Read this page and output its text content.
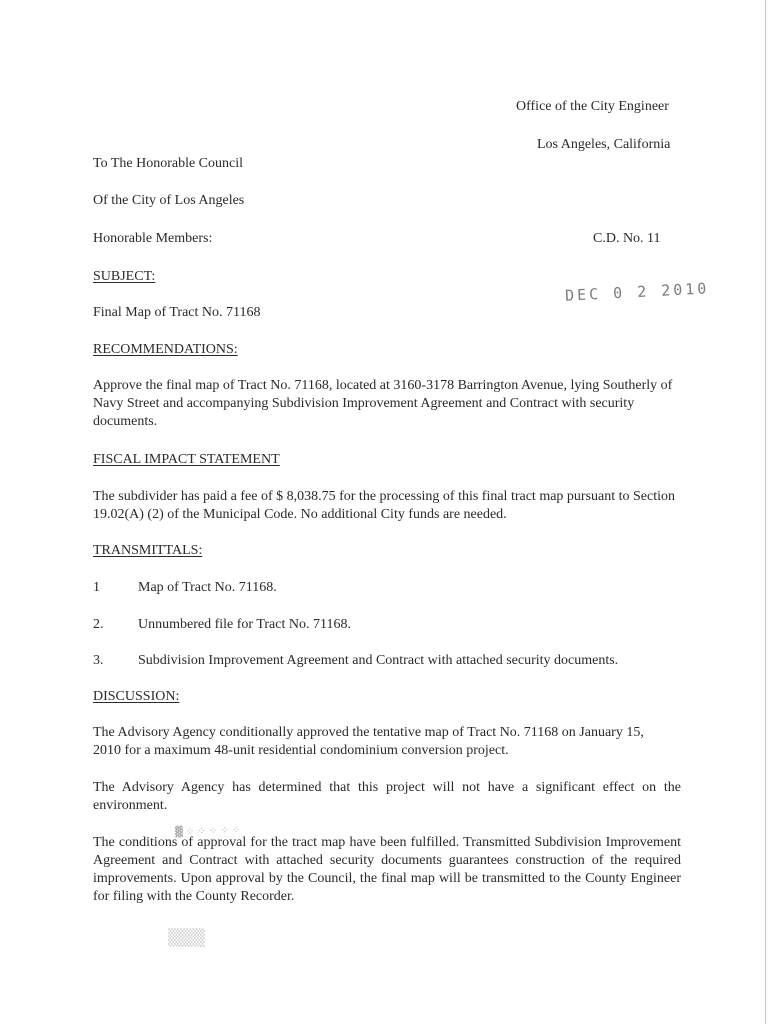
Office of the City Engineer
Los Angeles, California
To The Honorable Council
Of the City of Los Angeles
Honorable Members:	C.D. No. 11
SUBJECT:
DEC 0 2 2010
Final Map of Tract No. 71168
RECOMMENDATIONS:
Approve the final map of Tract No. 71168, located at 3160-3178 Barrington Avenue, lying Southerly of Navy Street and accompanying Subdivision Improvement Agreement and Contract with security documents.
FISCAL IMPACT STATEMENT
The subdivider has paid a fee of $ 8,038.75 for the processing of this final tract map pursuant to Section 19.02(A) (2) of the Municipal Code. No additional City funds are needed.
TRANSMITTALS:
1	Map of Tract No. 71168.
2.	Unnumbered file for Tract No. 71168.
3.	Subdivision Improvement Agreement and Contract with attached security documents.
DISCUSSION:
The Advisory Agency conditionally approved the tentative map of Tract No. 71168 on January 15, 2010 for a maximum 48-unit residential condominium conversion project.
The Advisory Agency has determined that this project will not have a significant effect on the environment.
The conditions of approval for the tract map have been fulfilled. Transmitted Subdivision Improvement Agreement and Contract with attached security documents guarantees construction of the required improvements. Upon approval by the Council, the final map will be transmitted to the County Engineer for filing with the County Recorder.
▓ ⁘ ⁘ ⁘ ⁘ ⁘
▒▒▒
